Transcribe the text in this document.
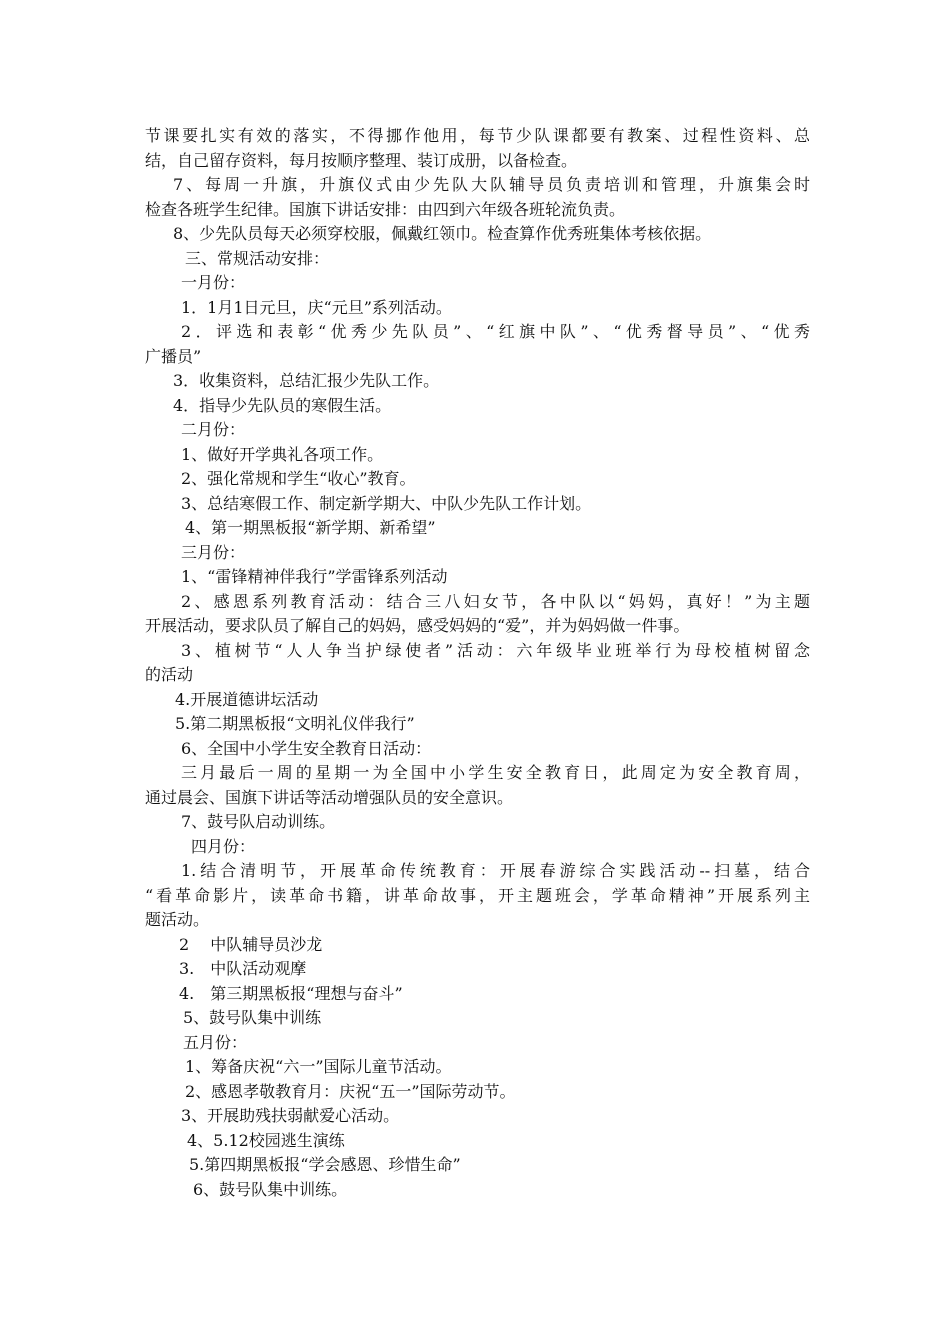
节课要扎实有效的落实，不得挪作他用，每节少队课都要有教案、过程性资料、总
结，自己留存资料，每月按顺序整理、装订成册，以备检查。
7、每周一升旗，升旗仪式由少先队大队辅导员负责培训和管理，升旗集会时
检查各班学生纪律。国旗下讲话安排：由四到六年级各班轮流负责。
8、少先队员每天必须穿校服，佩戴红领巾。检查算作优秀班集体考核依据。
三、常规活动安排：
一月份：
1．1月1日元旦，庆“元旦”系列活动。
2．评选和表彰“优秀少先队员”、“红旗中队”、“优秀督导员”、“优秀
广播员”
3．收集资料，总结汇报少先队工作。
4．指导少先队员的寒假生活。
二月份：
1、做好开学典礼各项工作。
2、强化常规和学生“收心”教育。
3、总结寒假工作、制定新学期大、中队少先队工作计划。
4、第一期黑板报“新学期、新希望”
三月份：
1、“雷锋精神伴我行”学雷锋系列活动
2、感恩系列教育活动：结合三八妇女节，各中队以“妈妈，真好！”为主题
开展活动，要求队员了解自己的妈妈，感受妈妈的“爱”，并为妈妈做一件事。
3、植树节“人人争当护绿使者”活动：六年级毕业班举行为母校植树留念
的活动
4.开展道德讲坛活动
5.第二期黑板报“文明礼仪伴我行”
6、全国中小学生安全教育日活动：
三月最后一周的星期一为全国中小学生安全教育日，此周定为安全教育周，
通过晨会、国旗下讲话等活动增强队员的安全意识。
7、鼓号队启动训练。
四月份：
1.结合清明节，开展革命传统教育：开展春游综合实践活动--扫墓，结合
“看革命影片，读革命书籍，讲革命故事，开主题班会，学革命精神”开展系列主
题活动。
2　 中队辅导员沙龙
3.　中队活动观摩
4.　第三期黑板报“理想与奋斗”
5、鼓号队集中训练
五月份：
1、筹备庆祝“六一”国际儿童节活动。
2、感恩孝敬教育月：庆祝“五一”国际劳动节。
3、开展助残扶弱献爱心活动。
4、5.12校园逃生演练
5.第四期黑板报“学会感恩、珍惜生命”
6、鼓号队集中训练。
